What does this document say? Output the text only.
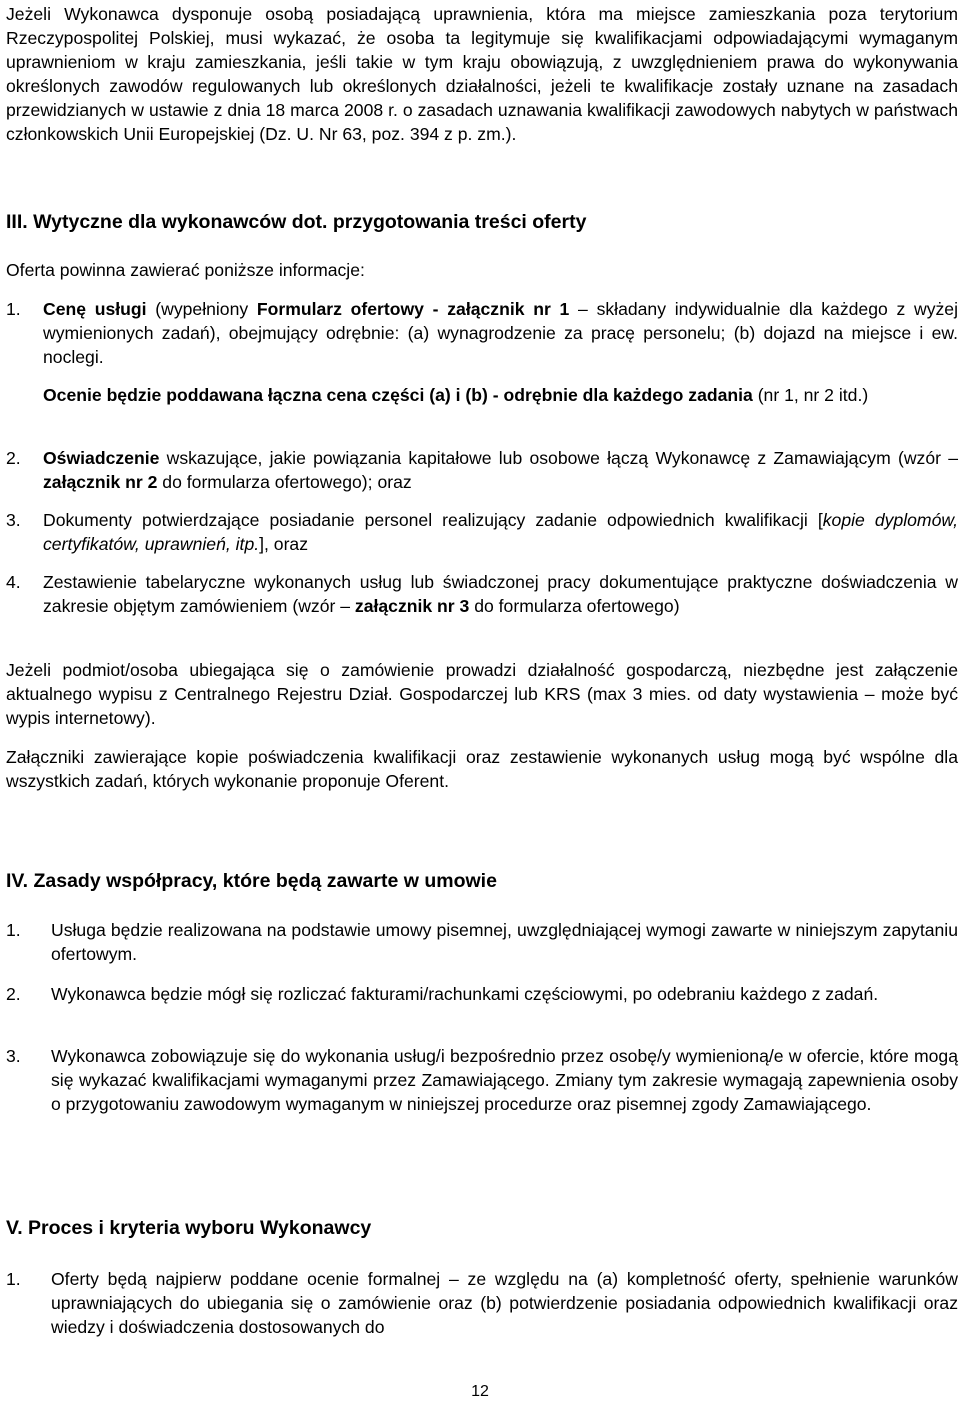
Jeżeli Wykonawca dysponuje osobą posiadającą uprawnienia, która ma miejsce zamieszkania poza terytorium Rzeczypospolitej Polskiej, musi wykazać, że osoba ta legitymuje się kwalifikacjami odpowiadającymi wymaganym uprawnieniom w kraju zamieszkania, jeśli takie w tym kraju obowiązują, z uwzględnieniem prawa do wykonywania określonych zawodów regulowanych lub określonych działalności, jeżeli te kwalifikacje zostały uznane na zasadach przewidzianych w ustawie z dnia 18 marca 2008 r. o zasadach uznawania kwalifikacji zawodowych nabytych w państwach członkowskich Unii Europejskiej (Dz. U. Nr 63, poz. 394 z p. zm.).

III. Wytyczne dla wykonawców dot. przygotowania treści oferty

Oferta powinna zawierać poniższe informacje:

1. Cenę usługi (wypełniony Formularz ofertowy - załącznik nr 1 – składany indywidualnie dla każdego z wyżej wymienionych zadań), obejmujący odrębnie: (a) wynagrodzenie za pracę personelu; (b) dojazd na miejsce i ew. noclegi.
Ocenie będzie poddawana łączna cena części (a) i (b) - odrębnie dla każdego zadania (nr 1, nr 2 itd.)
2. Oświadczenie wskazujące, jakie powiązania kapitałowe lub osobowe łączą Wykonawcę z Zamawiającym (wzór – załącznik nr 2 do formularza ofertowego); oraz
3. Dokumenty potwierdzające posiadanie personel realizujący zadanie odpowiednich kwalifikacji [kopie dyplomów, certyfikatów, uprawnień, itp.], oraz
4. Zestawienie tabelaryczne wykonanych usług lub świadczonej pracy dokumentujące praktyczne doświadczenia w zakresie objętym zamówieniem (wzór – załącznik nr 3 do formularza ofertowego)

Jeżeli podmiot/osoba ubiegająca się o zamówienie prowadzi działalność gospodarczą, niezbędne jest załączenie aktualnego wypisu z Centralnego Rejestru Dział. Gospodarczej lub KRS (max 3 mies. od daty wystawienia – może być wypis internetowy).

Załączniki zawierające kopie poświadczenia kwalifikacji oraz zestawienie wykonanych usług mogą być wspólne dla wszystkich zadań, których wykonanie proponuje Oferent.

IV. Zasady współpracy, które będą zawarte w umowie

1. Usługa będzie realizowana na podstawie umowy pisemnej, uwzględniającej wymogi zawarte w niniejszym zapytaniu ofertowym.
2. Wykonawca będzie mógł się rozliczać fakturami/rachunkami częściowymi, po odebraniu każdego z zadań.
3. Wykonawca zobowiązuje się do wykonania usług/i bezpośrednio przez osobę/y wymienioną/e w ofercie, które mogą się wykazać kwalifikacjami wymaganymi przez Zamawiającego. Zmiany tym zakresie wymagają zapewnienia osoby o przygotowaniu zawodowym wymaganym w niniejszej procedurze oraz pisemnej zgody Zamawiającego.

V. Proces i kryteria wyboru Wykonawcy

1. Oferty będą najpierw poddane ocenie formalnej – ze względu na (a) kompletność oferty, spełnienie warunków uprawniających do ubiegania się o zamówienie oraz (b) potwierdzenie posiadania odpowiednich kwalifikacji oraz wiedzy i doświadczenia dostosowanych do
12
